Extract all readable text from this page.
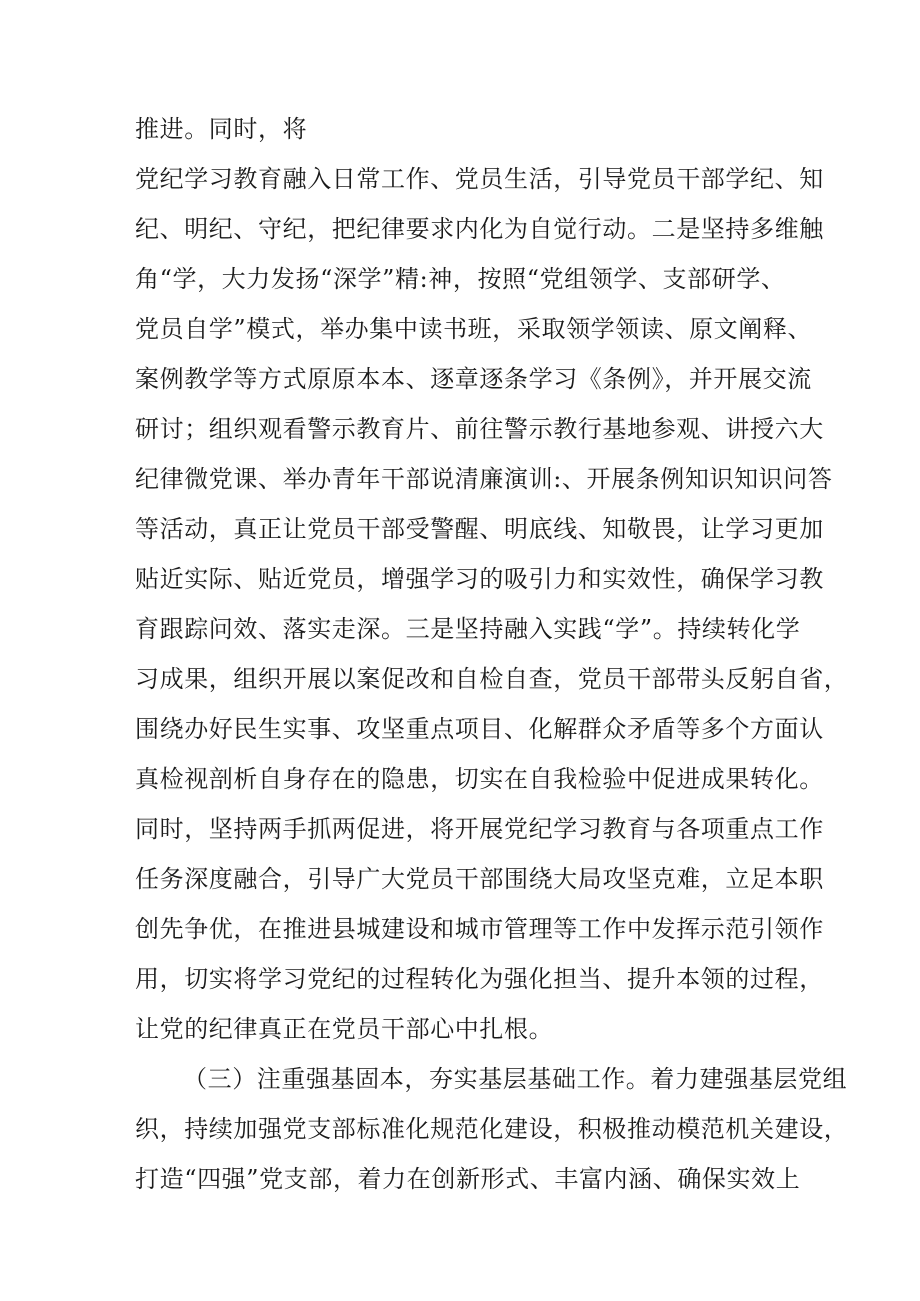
推进。同时，将
党纪学习教育融入日常工作、党员生活，引导党员干部学纪、知
纪、明纪、守纪，把纪律要求内化为自觉行动。二是坚持多维触
角“学，大力发扬“深学”精:神，按照“党组领学、支部研学、
党员自学”模式，举办集中读书班，采取领学领读、原文阐释、
案例教学等方式原原本本、逐章逐条学习《条例》，并开展交流
研讨；组织观看警示教育片、前往警示教行基地参观、讲授六大
纪律微党课、举办青年干部说清廉演训:、开展条例知识知识问答
等活动，真正让党员干部受警醒、明底线、知敬畏，让学习更加
贴近实际、贴近党员，增强学习的吸引力和实效性，确保学习教
育跟踪问效、落实走深。三是坚持融入实践“学”。持续转化学
习成果，组织开展以案促改和自检自查，党员干部带头反躬自省，
围绕办好民生实事、攻坚重点项目、化解群众矛盾等多个方面认
真检视剖析自身存在的隐患，切实在自我检验中促进成果转化。
同时，坚持两手抓两促进，将开展党纪学习教育与各项重点工作
任务深度融合，引导广大党员干部围绕大局攻坚克难，立足本职
创先争优，在推进县城建设和城市管理等工作中发挥示范引领作
用，切实将学习党纪的过程转化为强化担当、提升本领的过程，
让党的纪律真正在党员干部心中扎根。
（三）注重强基固本，夯实基层基础工作。着力建强基层党组
织，持续加强党支部标准化规范化建设，积极推动模范机关建设，
打造“四强”党支部，着力在创新形式、丰富内涵、确保实效上
